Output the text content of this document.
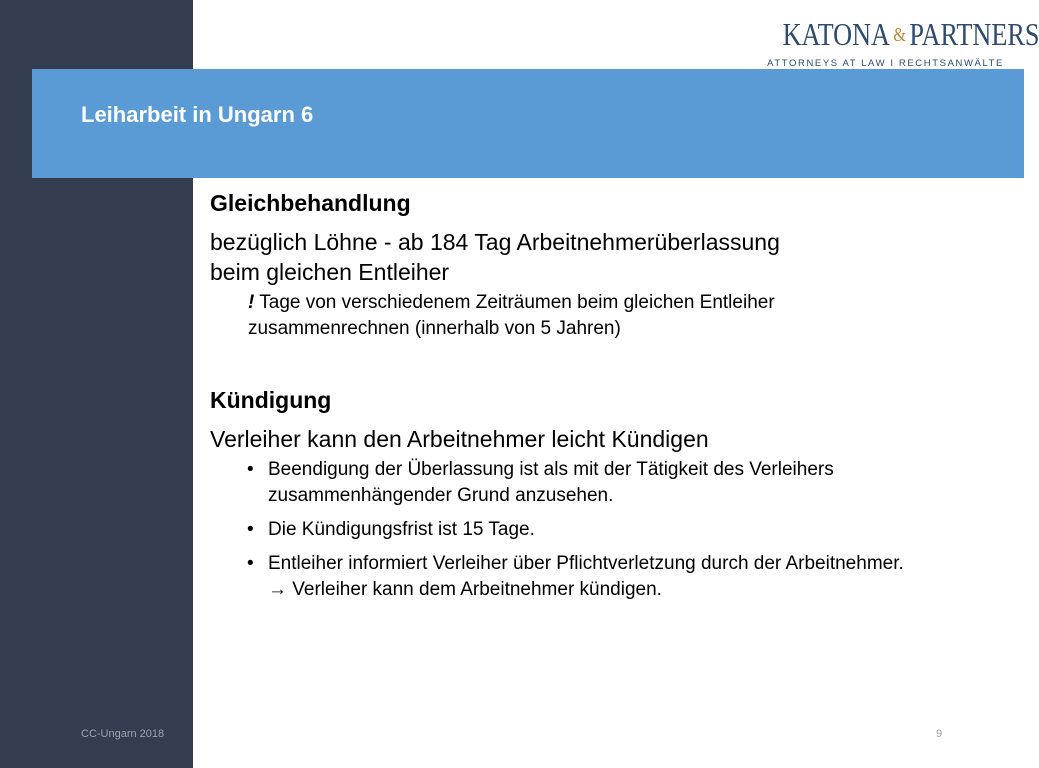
KATONA & PARTNERS
ATTORNEYS AT LAW I RECHTSANWÄLTE
Leiharbeit in Ungarn 6

Gleichbehandlung

bezüglich Löhne - ab 184 Tag Arbeitnehmerüberlassung

beim gleichen Entleiher

! Tage von verschiedenem Zeiträumen beim gleichen Entleiher zusammenrechnen (innerhalb von 5 Jahren)

Kündigung

Verleiher kann den Arbeitnehmer leicht Kündigen

• Beendigung der Überlassung ist als mit der Tätigkeit des Verleihers zusammenhängender Grund anzusehen.
• Die Kündigungsfrist ist 15 Tage.
• Entleiher informiert Verleiher über Pflichtverletzung durch der Arbeitnehmer. → Verleiher kann dem Arbeitnehmer kündigen.
CC-Ungarn 2018	9
